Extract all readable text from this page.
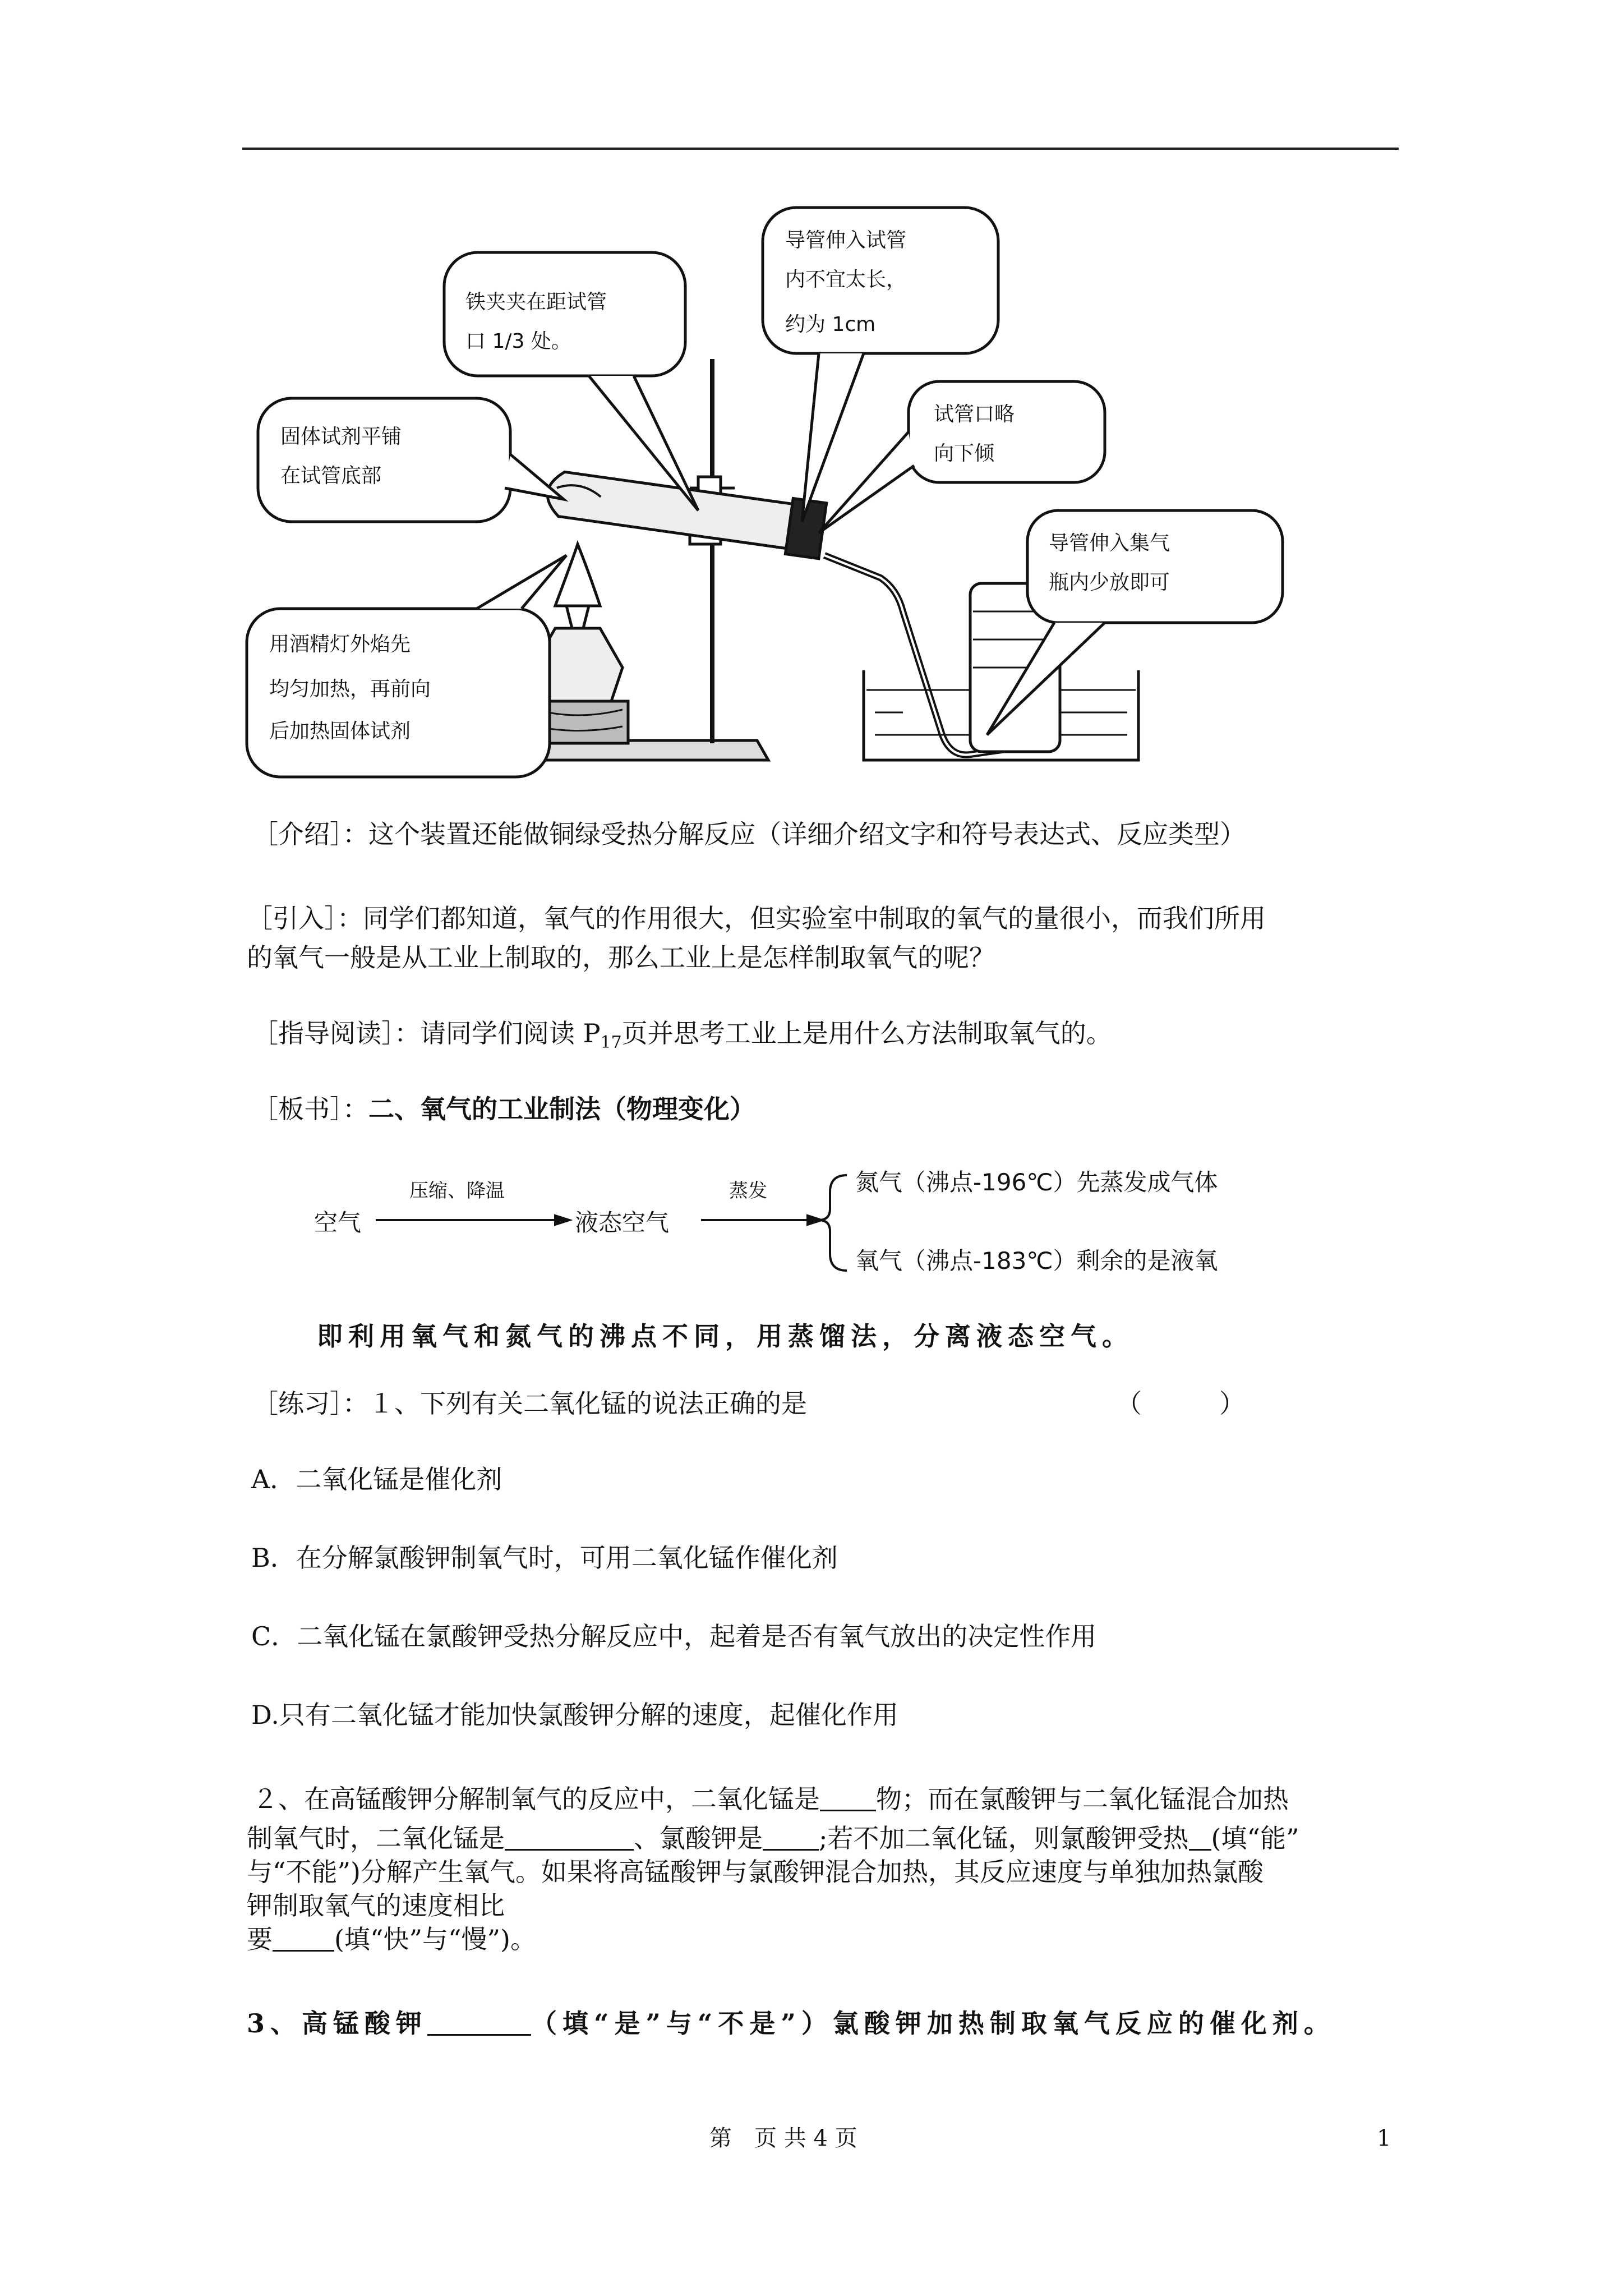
铁夹夹在距试管 口 1/3 处。
导管伸入试管 内不宜太长， 约为 1cm
试管口略 向下倾
固体试剂平铺 在试管底部
导管伸入集气 瓶内少放即可
用酒精灯外焰先 均匀加热，再前向 后加热固体试剂
［介绍］：这个装置还能做铜绿受热分解反应（详细介绍文字和符号表达式、反应类型）
［引入］：同学们都知道，氧气的作用很大，但实验室中制取的氧气的量很小，而我们所用
的氧气一般是从工业上制取的，那么工业上是怎样制取氧气的呢？
［指导阅读］：请同学们阅读 $P_{17}$页并思考工业上是用什么方法制取氧气的。
［板书］：二、氧气的工业制法（物理变化）
空气
压缩、降温
液态空气
蒸发	氮气（沸点-196℃）先蒸发成气体
氧气（沸点-183℃）剩余的是液氧
即利用氧气和氮气的沸点不同，用蒸馏法，分离液态空气。
［练习］：１、下列有关二氧化锰的说法正确的是	（　　　）
A．二氧化锰是催化剂
B．在分解氯酸钾制氧气时，可用二氧化锰作催化剂
C．二氧化锰在氯酸钾受热分解反应中，起着是否有氧气放出的决定性作用
D.只有二氧化锰才能加快氯酸钾分解的速度，起催化作用
２、在高锰酸钾分解制氧气的反应中，二氧化锰是 物；而在氯酸钾与二氧化锰混合加热
制氧气时，二氧化锰是	、氯酸钾是 ;若不加二氧化锰，则氯酸钾受热 (填“能”
与“不能”)分解产生氧气。如果将高锰酸钾与氯酸钾混合加热，其反应速度与单独加热氯酸
钾制取氧气的速度相比
要 (填“快”与“慢”)。
3、高锰酸钾	（填“是”与“不是”）氯酸钾加热制取氧气反应的催化剂。
第　页 共 4 页	1
